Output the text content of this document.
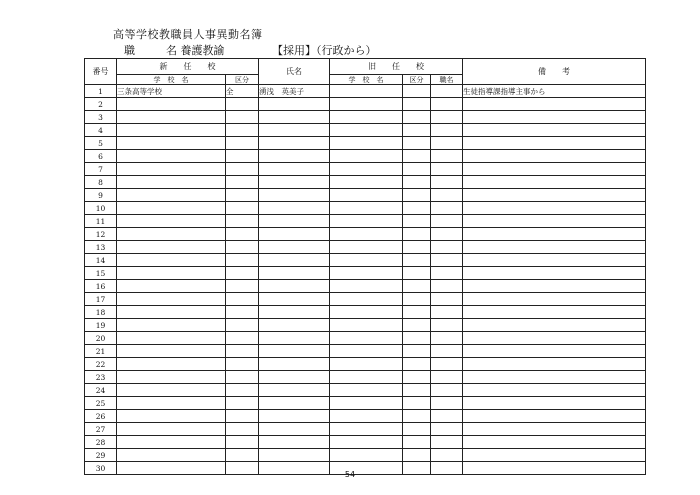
高等学校教職員人事異動名簿
職　名 養護教諭	【採用】（行政から）
番号	新　　任　　校		氏名	旧　　任　　校			備　　考
	学　校　名	区分		学　校　名	区分	職名	
1	三条高等学校	全	湧浅　英美子				生徒指導課指導主事から
2							
3							
4							
5							
6							
7							
8							
9							
10							
11							
12							
13							
14							
15							
16							
17							
18							
19							
20							
21							
22							
23							
24							
25							
26							
27							
28							
29							
30							
54
